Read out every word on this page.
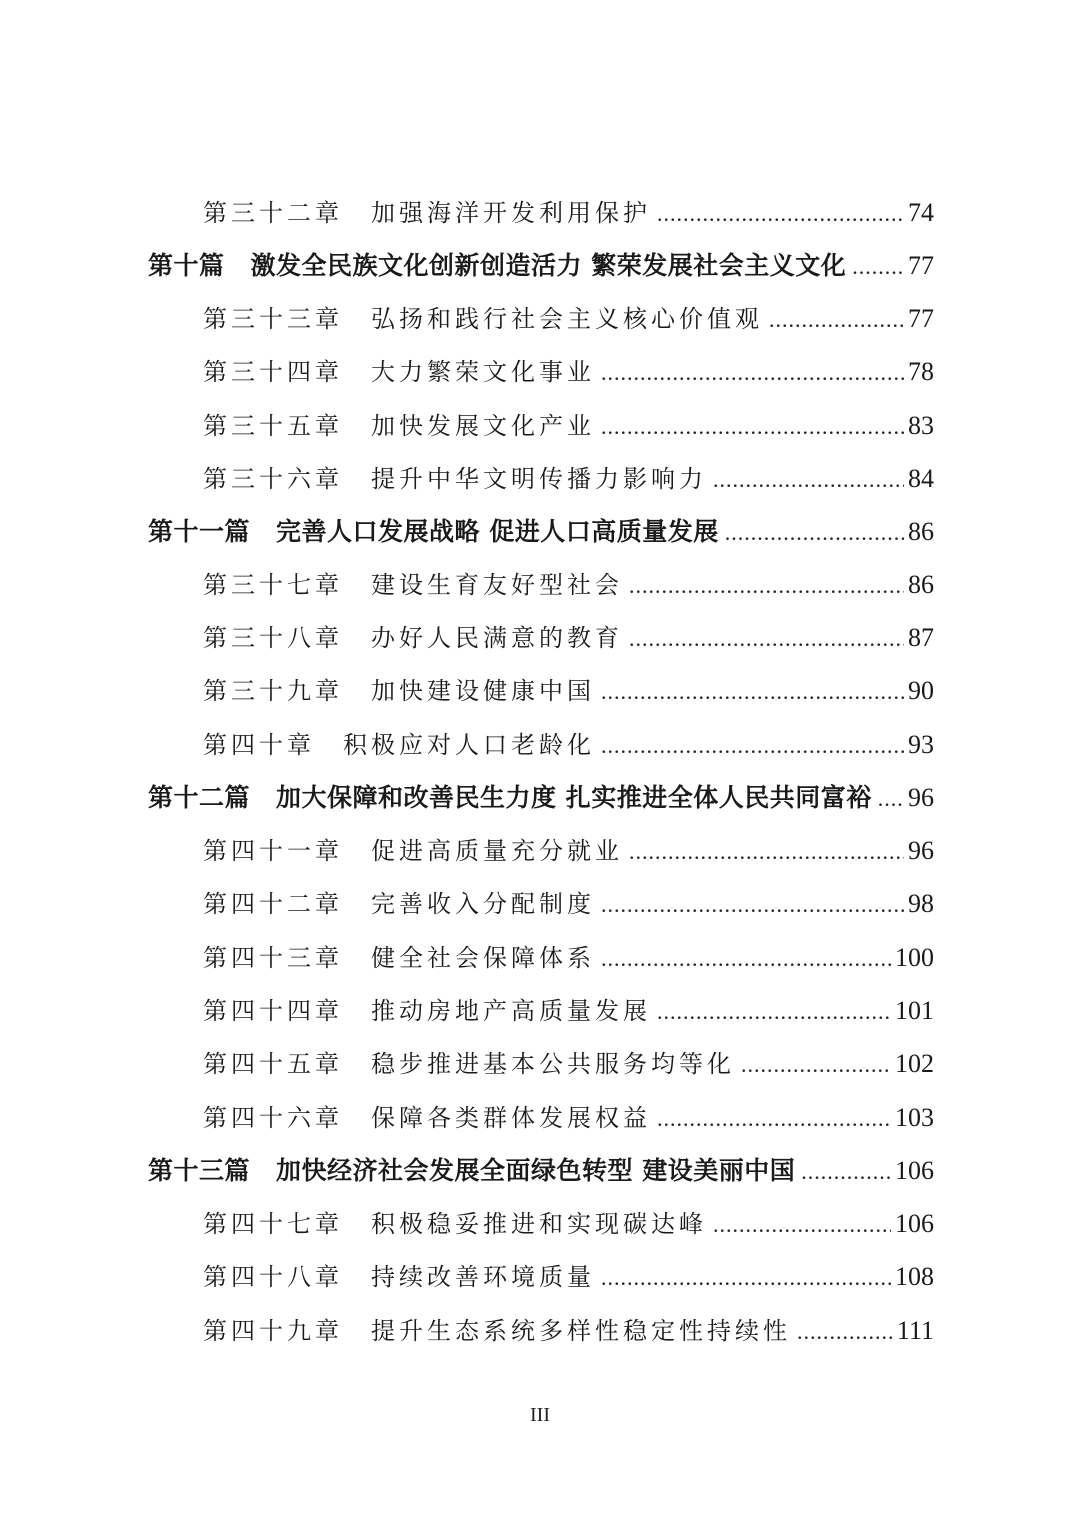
第三十二章 加强海洋开发利用保护 .....	74
第十篇 激发全民族文化创新创造活力 繁荣发展社会主义文化 ..... 77
第三十三章 弘扬和践行社会主义核心价值观 .....	77
第三十四章 大力繁荣文化事业 .....	78
第三十五章 加快发展文化产业 .....	83
第三十六章 提升中华文明传播力影响力 .....	84
第十一篇 完善人口发展战略 促进人口高质量发展 .....	86
第三十七章 建设生育友好型社会 .....	86
第三十八章 办好人民满意的教育 .....	87
第三十九章 加快建设健康中国 .....	90
第四十章 积极应对人口老龄化 .....	93
第十二篇 加大保障和改善民生力度 扎实推进全体人民共同富裕 ..... 96
第四十一章 促进高质量充分就业 .....	96
第四十二章 完善收入分配制度 .....	98
第四十三章 健全社会保障体系 .....	100
第四十四章 推动房地产高质量发展 .....	101
第四十五章 稳步推进基本公共服务均等化 .....	102
第四十六章 保障各类群体发展权益 .....	103
第十三篇 加快经济社会发展全面绿色转型 建设美丽中国 .....	106
第四十七章 积极稳妥推进和实现碳达峰 .....	106
第四十八章 持续改善环境质量 .....	108
第四十九章 提升生态系统多样性稳定性持续性 .....	111
III
